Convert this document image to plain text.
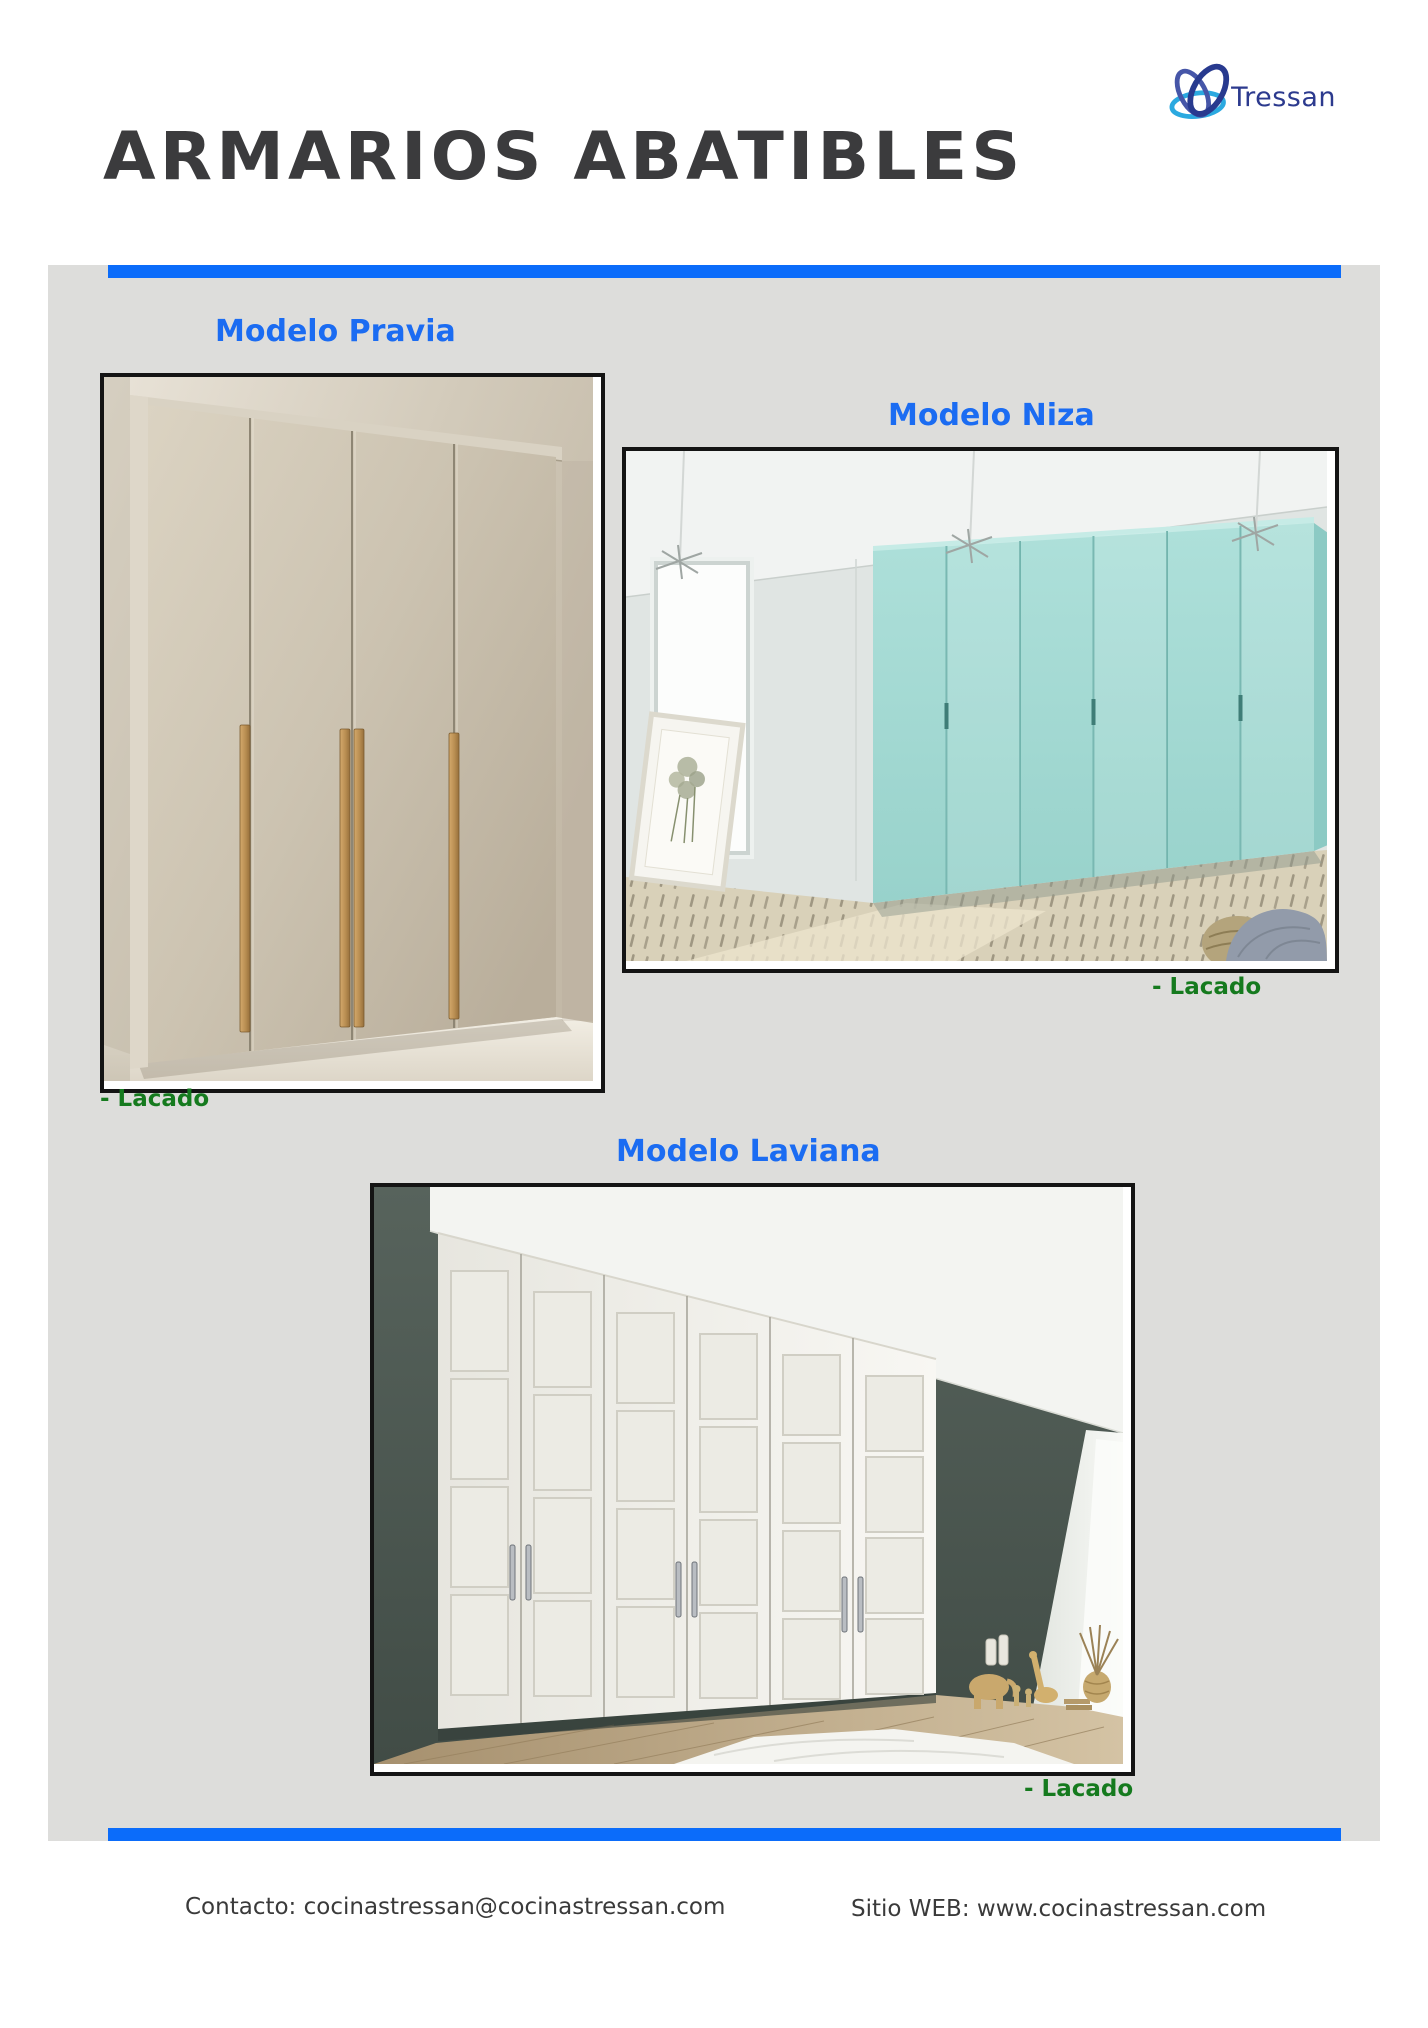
Tressan
ARMARIOS ABATIBLES
Modelo Pravia
- Lacado
Modelo Niza
- Lacado
Modelo Laviana
- Lacado
Contacto: cocinastressan@cocinastressan.com	Sitio WEB: www.cocinastressan.com
